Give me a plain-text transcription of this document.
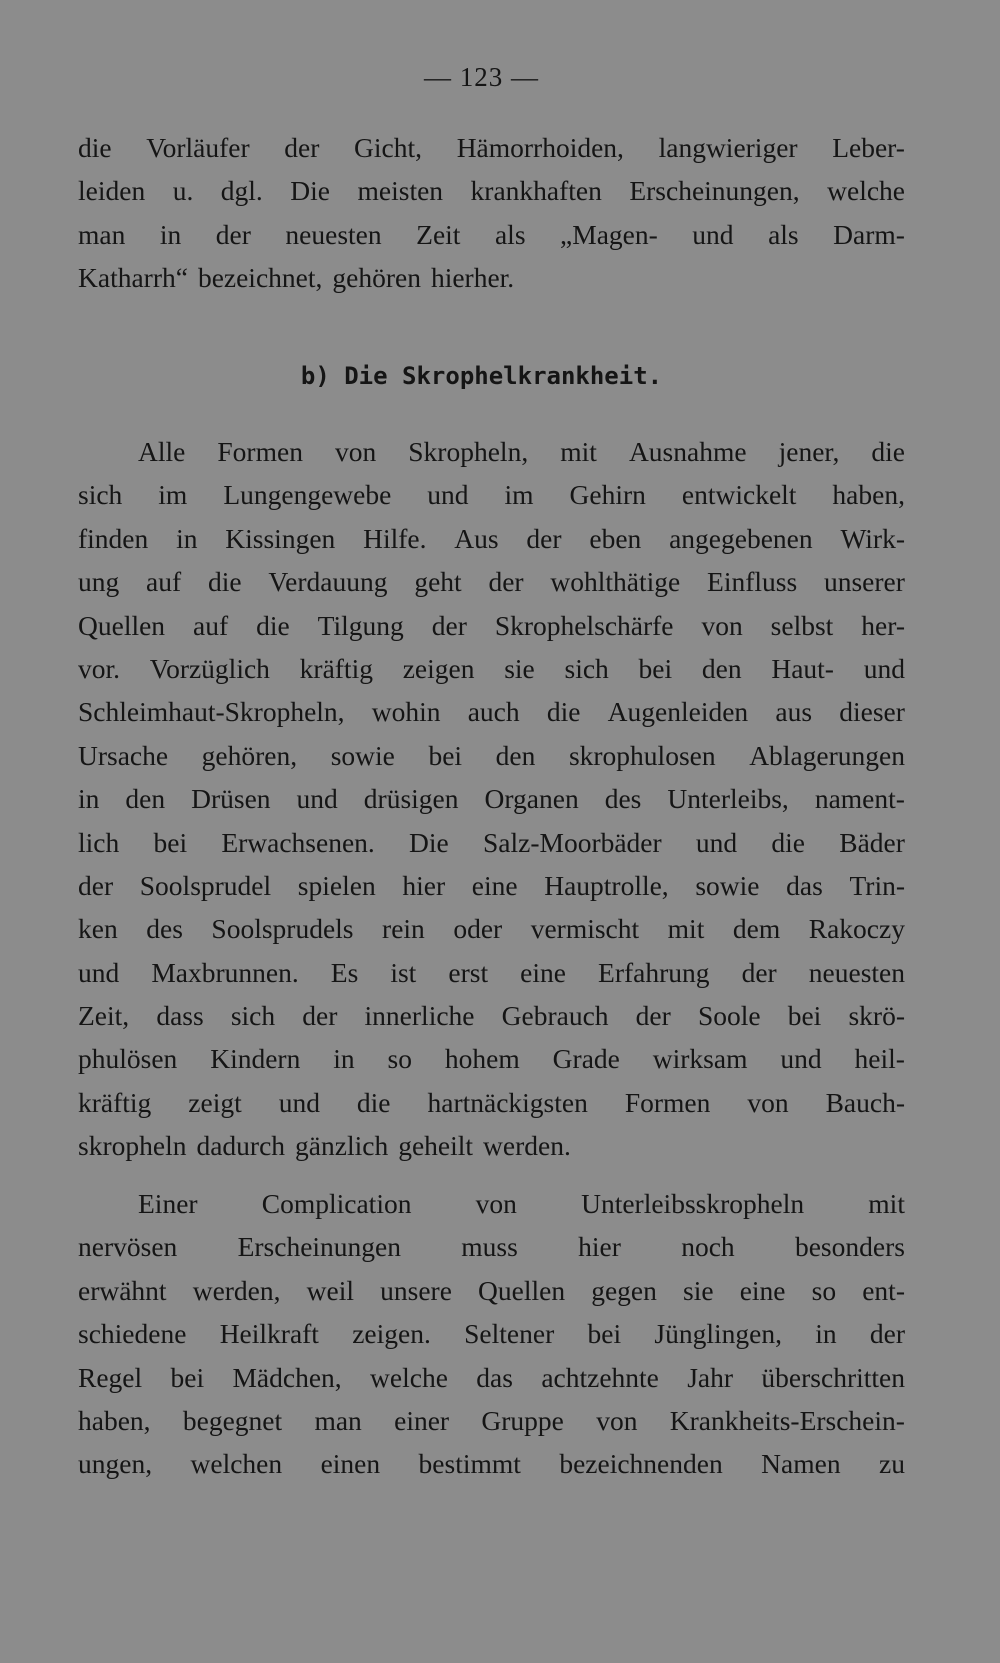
— 123 —
die Vorläufer der Gicht, Hämorrhoiden, langwieriger Leber-
leiden u. dgl. Die meisten krankhaften Erscheinungen, welche
man in der neuesten Zeit als „Magen- und als Darm-
Katharrh“ bezeichnet, gehören hierher.
b) Die Skrophelkrankheit.
Alle Formen von Skropheln, mit Ausnahme jener, die
sich im Lungengewebe und im Gehirn entwickelt haben,
finden in Kissingen Hilfe. Aus der eben angegebenen Wirk-
ung auf die Verdauung geht der wohlthätige Einfluss unserer
Quellen auf die Tilgung der Skrophelschärfe von selbst her-
vor. Vorzüglich kräftig zeigen sie sich bei den Haut- und
Schleimhaut-Skropheln, wohin auch die Augenleiden aus dieser
Ursache gehören, sowie bei den skrophulosen Ablagerungen
in den Drüsen und drüsigen Organen des Unterleibs, nament-
lich bei Erwachsenen. Die Salz-Moorbäder und die Bäder
der Soolsprudel spielen hier eine Hauptrolle, sowie das Trin-
ken des Soolsprudels rein oder vermischt mit dem Rakoczy
und Maxbrunnen. Es ist erst eine Erfahrung der neuesten
Zeit, dass sich der innerliche Gebrauch der Soole bei skrö-
phulösen Kindern in so hohem Grade wirksam und heil-
kräftig zeigt und die hartnäckigsten Formen von Bauch-
skropheln dadurch gänzlich geheilt werden.
Einer Complication von Unterleibsskropheln mit
nervösen Erscheinungen muss hier noch besonders
erwähnt werden, weil unsere Quellen gegen sie eine so ent-
schiedene Heilkraft zeigen. Seltener bei Jünglingen, in der
Regel bei Mädchen, welche das achtzehnte Jahr überschritten
haben, begegnet man einer Gruppe von Krankheits-Erschein-
ungen, welchen einen bestimmt bezeichnenden Namen zu
